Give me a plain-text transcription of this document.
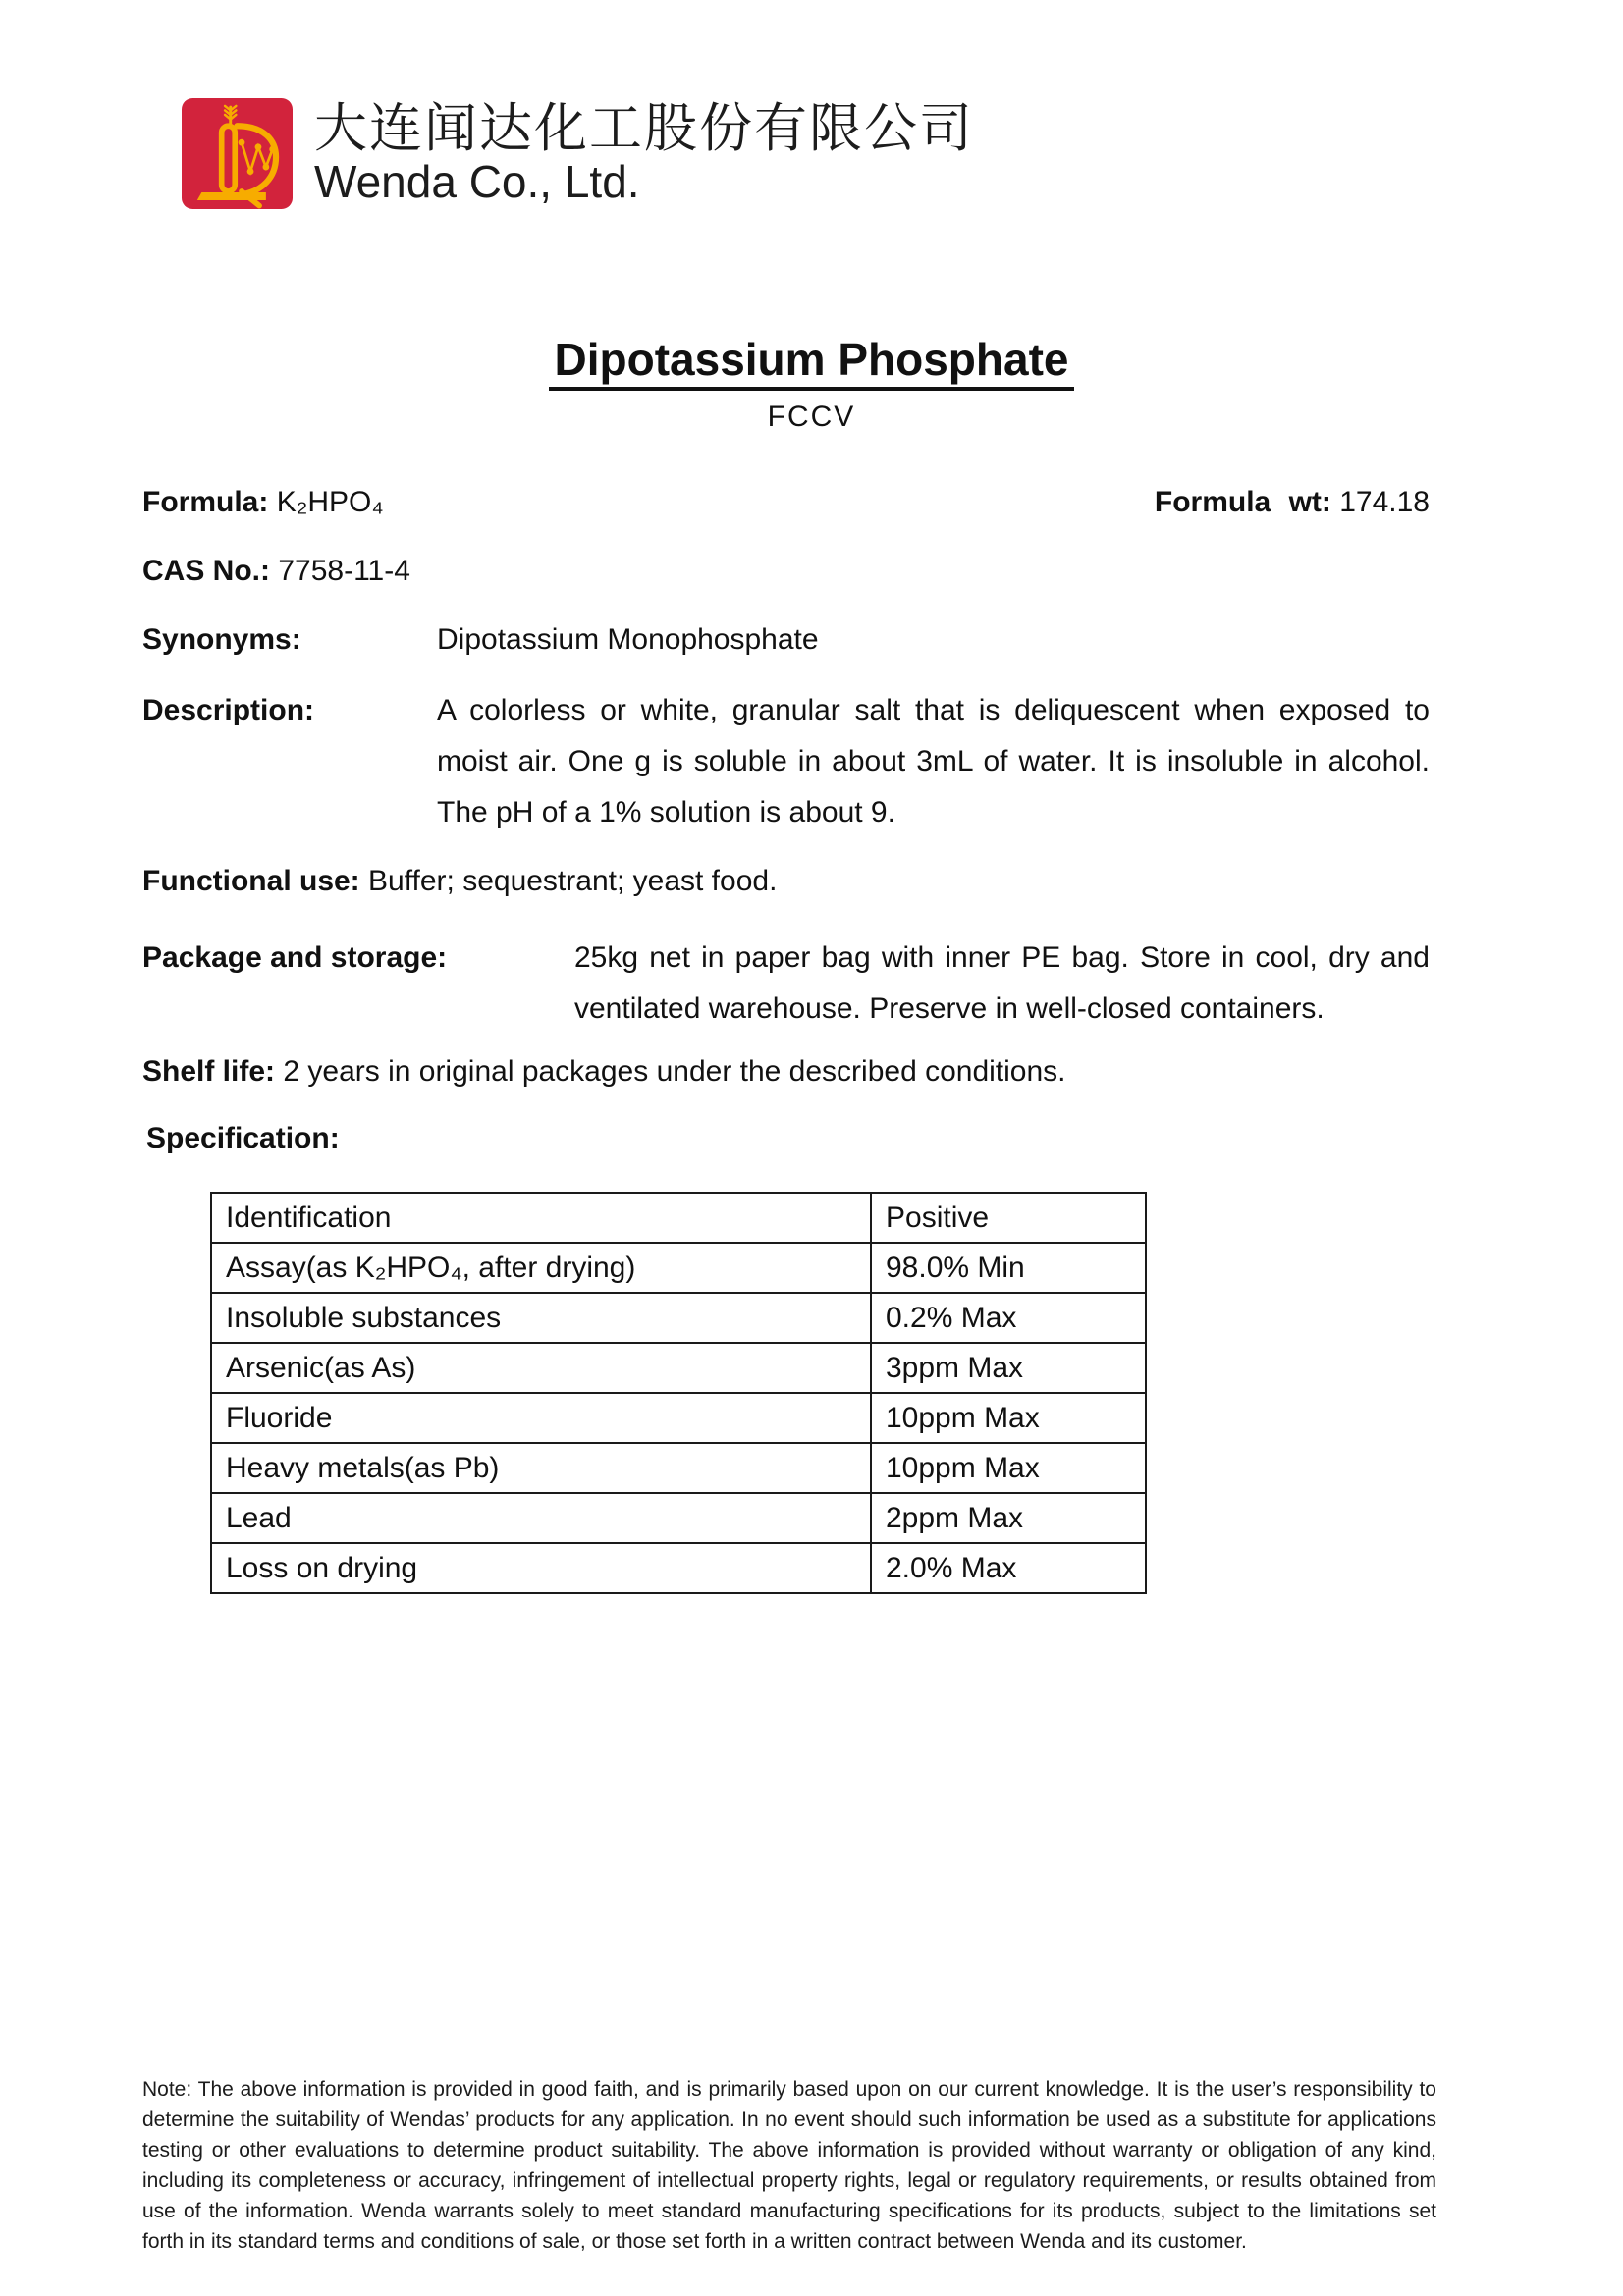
大连闻达化工股份有限公司
Wenda Co., Ltd.
Dipotassium Phosphate
FCCV
Formula: K₂HPO₄	Formula wt: 174.18
CAS No.: 7758-11-4
Synonyms:	Dipotassium Monophosphate
Description:	A colorless or white, granular salt that is deliquescent when exposed to moist air. One g is soluble in about 3mL of water. It is insoluble in alcohol. The pH of a 1% solution is about 9.
Functional use: Buffer; sequestrant; yeast food.
Package and storage:	25kg net in paper bag with inner PE bag. Store in cool, dry and ventilated warehouse. Preserve in well-closed containers.
Shelf life: 2 years in original packages under the described conditions.
Specification:
Identification	Positive
Assay(as K₂HPO₄, after drying)	98.0% Min
Insoluble substances	0.2% Max
Arsenic(as As)	3ppm Max
Fluoride	10ppm Max
Heavy metals(as Pb)	10ppm Max
Lead	2ppm Max
Loss on drying	2.0% Max
Note: The above information is provided in good faith, and is primarily based upon on our current knowledge. It is the user’s responsibility to determine the suitability of Wendas’ products for any application. In no event should such information be used as a substitute for applications testing or other evaluations to determine product suitability. The above information is provided without warranty or obligation of any kind, including its completeness or accuracy, infringement of intellectual property rights, legal or regulatory requirements, or results obtained from use of the information. Wenda warrants solely to meet standard manufacturing specifications for its products, subject to the limitations set forth in its standard terms and conditions of sale, or those set forth in a written contract between Wenda and its customer.
